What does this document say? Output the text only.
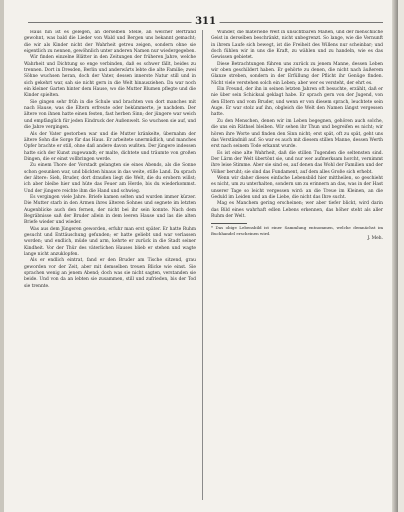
311

Haus hin ist es gelegen, an derselben Stelle, an welcher Bertrand gewohnt, was bald die Lieder von Wald und Bergen uns bekannt gemacht; die wir als Kinder nicht der Wahrheit getreu zeigen, sondern ohne sie eigentlich zu nennen, gewöhnlich unter anderen Namen nur wiedergegeben.

Wir finden einzelne Blätter in den Zeitungen der früheren Jahre, welche Wahrheit und Dichtung so enge verbinden, daß es schwer fällt, beides zu trennen. Dort in Dresden, Berlin und anderwärts lebte die alte Familie; zwei Söhne wuchsen heran, doch der Vater, dessen innerste Natur still und in sich gekehrt war, sah sie nicht gern in die Welt hinausziehen. Da war noch ein kleiner Garten hinter dem Hause, wo die Mutter Blumen pflegte und die Kinder spielten.

Sie gingen sehr früh in die Schule und brachten von dort manches mit nach Hause, was die Eltern erfreute oder bekümmerte, je nachdem. Der ältere von ihnen hatte einen festen, fast herben Sinn; der jüngere war weich und empfänglich für jeden Eindruck der Außenwelt. So wuchsen sie auf, und die Jahre vergingen.

Als der Vater gestorben war und die Mutter kränkelte, übernahm der ältere Sohn die Sorge für das Haus. Er arbeitete unermüdlich, und manches Opfer brachte er still, ohne daß andere davon wußten. Der jüngere indessen hatte sich der Kunst zugewandt; er malte, dichtete und träumte von großen Dingen, die er einst vollbringen werde.

Zu einem Thore der Vorstadt gelangten sie eines Abends, als die Sonne schon gesunken war, und blickten hinaus in das weite, stille Land. Da sprach der ältere: Sieh, Bruder, dort draußen liegt die Welt, die du erobern willst; ich aber bleibe hier und hüte das Feuer am Herde, bis du wiederkommst. Und der jüngere reichte ihm die Hand und schwieg.

Es vergingen viele Jahre. Briefe kamen selten und wurden immer kürzer. Die Mutter starb in den Armen ihres älteren Sohnes und segnete im letzten Augenblicke auch den fernen, der nicht bei ihr sein konnte. Nach dem Begräbnisse saß der Bruder allein in dem leeren Hause und las die alten Briefe wieder und wieder.

Was aus dem Jüngeren geworden, erfuhr man erst später. Er hatte Ruhm gesucht und Enttäuschung gefunden; er hatte geliebt und war verlassen worden; und endlich, müde und arm, kehrte er zurück in die Stadt seiner Kindheit. Vor der Thür des väterlichen Hauses blieb er stehen und wagte lange nicht anzuklopfen.

Als er endlich eintrat, fand er den Bruder am Tische sitzend, grau geworden vor der Zeit, aber mit demselben treuen Blicke wie einst. Sie sprachen wenig an jenem Abend; doch was sie nicht sagten, verstanden sie beide. Und von da an lebten sie zusammen, still und zufrieden, bis der Tod sie trennte.

Wunder, die materielle Welt in unsichtbaren Maßen, und der menschliche Geist in derselben beschränkt, nicht unbegrenzt. So lange, wie die Vernunft in ihrem Laufe sich bewegt, ist die Freiheit des Willens nur scheinbar; und doch fühlen wir in uns die Kraft, zu wählen und zu handeln, wie es das Gewissen gebietet.

Diese Betrachtungen führen uns zurück zu jenem Manne, dessen Leben wir oben geschildert haben. Er gehörte zu denen, die nicht nach äußerem Glanze streben, sondern in der Erfüllung der Pflicht ihr Genüge finden. Nicht viele verstehen solch ein Leben; aber wer es versteht, der ehrt es.

Ein Freund, der ihn in seinen letzten Jahren oft besuchte, erzählt, daß er nie über sein Schicksal geklagt habe. Er sprach gern von der Jugend, von den Eltern und vom Bruder, und wenn er von diesem sprach, leuchtete sein Auge. Er war stolz auf ihn, obgleich die Welt den Namen längst vergessen hatte.

Zu den Menschen, denen wir im Leben begegnen, gehören auch solche, die uns ein Räthsel bleiben. Wir sehen ihr Thun und begreifen es nicht; wir hören ihre Worte und finden den Sinn nicht; erst spät, oft zu spät, geht uns das Verständniß auf. So war es auch mit diesem stillen Manne, dessen Werth erst nach seinem Tode erkannt wurde.

Es ist eine alte Wahrheit, daß die stillen Tugenden die seltensten sind. Der Lärm der Welt übertönt sie, und nur wer aufmerksam horcht, vernimmt ihre leise Stimme. Aber sie sind es, auf denen das Wohl der Familien und der Völker beruht; sie sind das Fundament, auf dem alles Große sich erhebt.

Wenn wir daher dieses einfache Lebensbild hier mittheilen, so geschieht es nicht, um zu unterhalten, sondern um zu erinnern an das, was in der Hast unserer Tage so leicht vergessen wird: an die Treue im Kleinen, an die Geduld im Leiden und an die Liebe, die nicht das Ihre sucht.

Mag es Manchem gering erscheinen; wer aber tiefer blickt, wird darin das Bild eines wahrhaft edlen Lebens erkennen, das höher steht als aller Ruhm der Welt.

* Das obige Lebensbild ist einer Sammlung entnommen, welche demnächst im Buchhandel erscheinen wird.

J. Meh.
